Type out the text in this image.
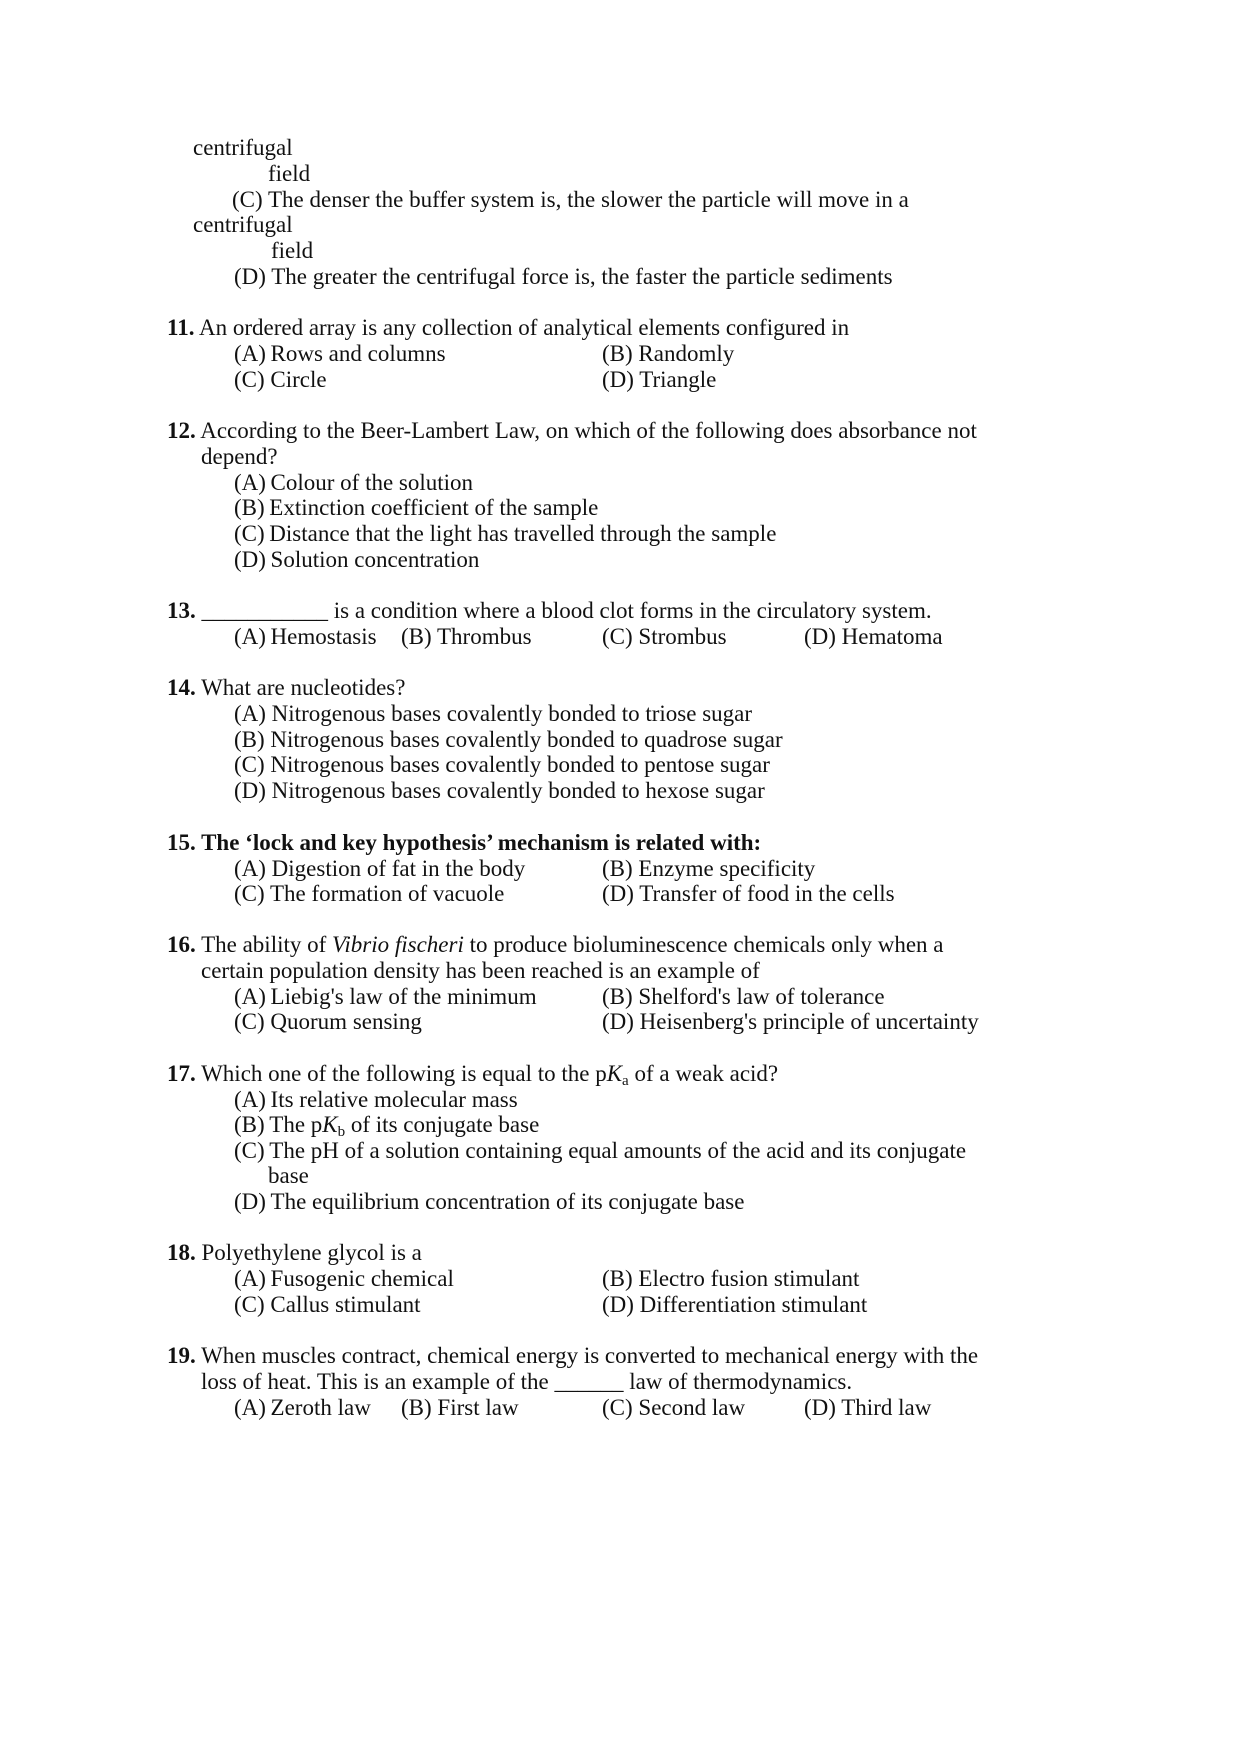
centrifugal
field
(C) The denser the buffer system is, the slower the particle will move in a
centrifugal
field
(D) The greater the centrifugal force is, the faster the particle sediments
11. An ordered array is any collection of analytical elements configured in
(A) Rows and columns	(B) Randomly
(C) Circle	(D) Triangle
12. According to the Beer-Lambert Law, on which of the following does absorbance not
depend?
(A) Colour of the solution
(B) Extinction coefficient of the sample
(C) Distance that the light has travelled through the sample
(D) Solution concentration
13. ___________ is a condition where a blood clot forms in the circulatory system.
(A) Hemostasis (B) Thrombus	(C) Strombus	(D) Hematoma
14. What are nucleotides?
(A) Nitrogenous bases covalently bonded to triose sugar
(B) Nitrogenous bases covalently bonded to quadrose sugar
(C) Nitrogenous bases covalently bonded to pentose sugar
(D) Nitrogenous bases covalently bonded to hexose sugar
15. The ‘lock and key hypothesis’ mechanism is related with:
(A) Digestion of fat in the body	(B) Enzyme specificity
(C) The formation of vacuole	(D) Transfer of food in the cells
16. The ability of Vibrio fischeri to produce bioluminescence chemicals only when a
certain population density has been reached is an example of
(A) Liebig's law of the minimum	(B) Shelford's law of tolerance
(C) Quorum sensing	(D) Heisenberg's principle of uncertainty
17. Which one of the following is equal to the $pK_a$ of a weak acid?
(A) Its relative molecular mass
(B) The $pK_b$ of its conjugate base
(C) The pH of a solution containing equal amounts of the acid and its conjugate
base
(D) The equilibrium concentration of its conjugate base
18. Polyethylene glycol is a
(A) Fusogenic chemical	(B) Electro fusion stimulant
(C) Callus stimulant	(D) Differentiation stimulant
19. When muscles contract, chemical energy is converted to mechanical energy with the
loss of heat. This is an example of the ______ law of thermodynamics.
(A) Zeroth law (B) First law	(C) Second law	(D) Third law
